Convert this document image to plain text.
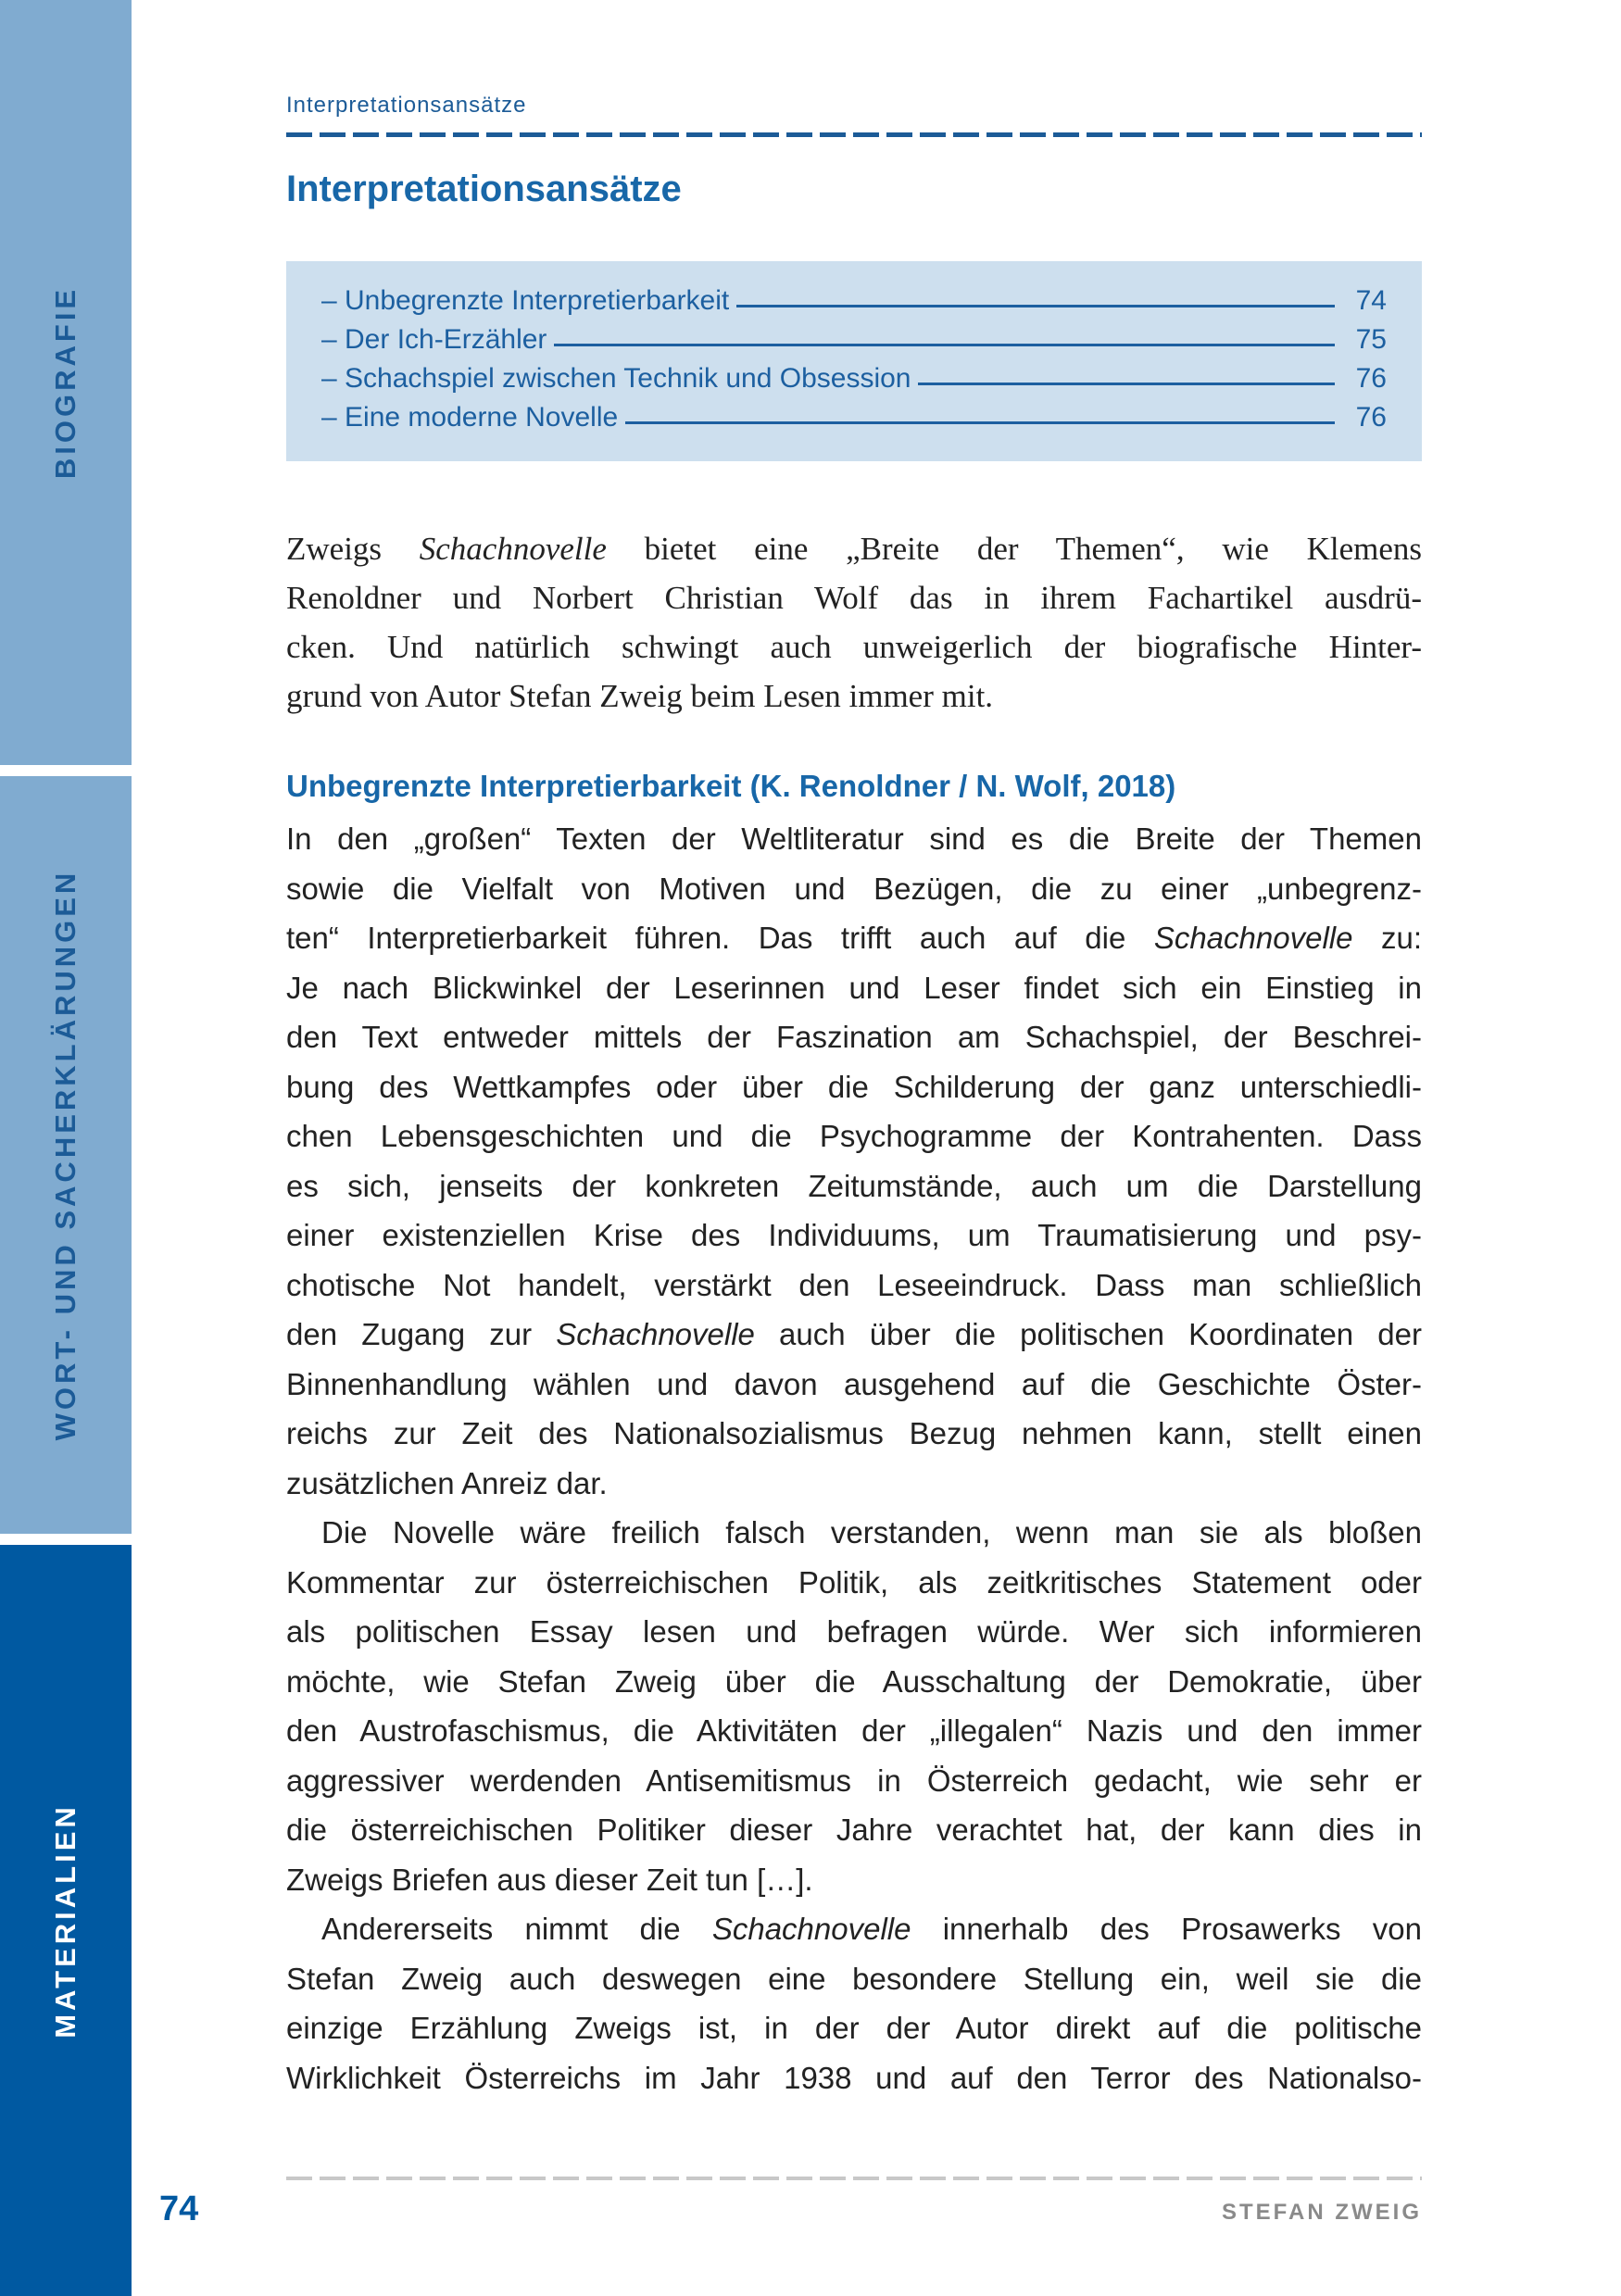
BIOGRAFIE
WORT- UND SACHERKLÄRUNGEN
MATERIALIEN
Interpretationsansätze
Interpretationsansätze
– Unbegrenzte Interpretierbarkeit	74
– Der Ich-Erzähler	75
– Schachspiel zwischen Technik und Obsession	76
– Eine moderne Novelle	76
Zweigs Schachnovelle bietet eine „Breite der Themen“, wie Klemens
Renoldner und Norbert Christian Wolf das in ihrem Fachartikel ausdrü-
cken. Und natürlich schwingt auch unweigerlich der biografische Hinter-
grund von Autor Stefan Zweig beim Lesen immer mit.
Unbegrenzte Interpretierbarkeit (K. Renoldner / N. Wolf, 2018)
In den „großen“ Texten der Weltliteratur sind es die Breite der Themen
sowie die Vielfalt von Motiven und Bezügen, die zu einer „unbegrenz-
ten“ Interpretierbarkeit führen. Das trifft auch auf die Schachnovelle zu:
Je nach Blickwinkel der Leserinnen und Leser findet sich ein Einstieg in
den Text entweder mittels der Faszination am Schachspiel, der Beschrei-
bung des Wettkampfes oder über die Schilderung der ganz unterschiedli-
chen Lebensgeschichten und die Psychogramme der Kontrahenten. Dass
es sich, jenseits der konkreten Zeitumstände, auch um die Darstellung
einer existenziellen Krise des Individuums, um Traumatisierung und psy-
chotische Not handelt, verstärkt den Leseeindruck. Dass man schließlich
den Zugang zur Schachnovelle auch über die politischen Koordinaten der
Binnenhandlung wählen und davon ausgehend auf die Geschichte Öster-
reichs zur Zeit des Nationalsozialismus Bezug nehmen kann, stellt einen
zusätzlichen Anreiz dar.
Die Novelle wäre freilich falsch verstanden, wenn man sie als bloßen
Kommentar zur österreichischen Politik, als zeitkritisches Statement oder
als politischen Essay lesen und befragen würde. Wer sich informieren
möchte, wie Stefan Zweig über die Ausschaltung der Demokratie, über
den Austrofaschismus, die Aktivitäten der „illegalen“ Nazis und den immer
aggressiver werdenden Antisemitismus in Österreich gedacht, wie sehr er
die österreichischen Politiker dieser Jahre verachtet hat, der kann dies in
Zweigs Briefen aus dieser Zeit tun […].
Andererseits nimmt die Schachnovelle innerhalb des Prosawerks von
Stefan Zweig auch deswegen eine besondere Stellung ein, weil sie die
einzige Erzählung Zweigs ist, in der der Autor direkt auf die politische
Wirklichkeit Österreichs im Jahr 1938 und auf den Terror des Nationalso-
74	STEFAN ZWEIG
